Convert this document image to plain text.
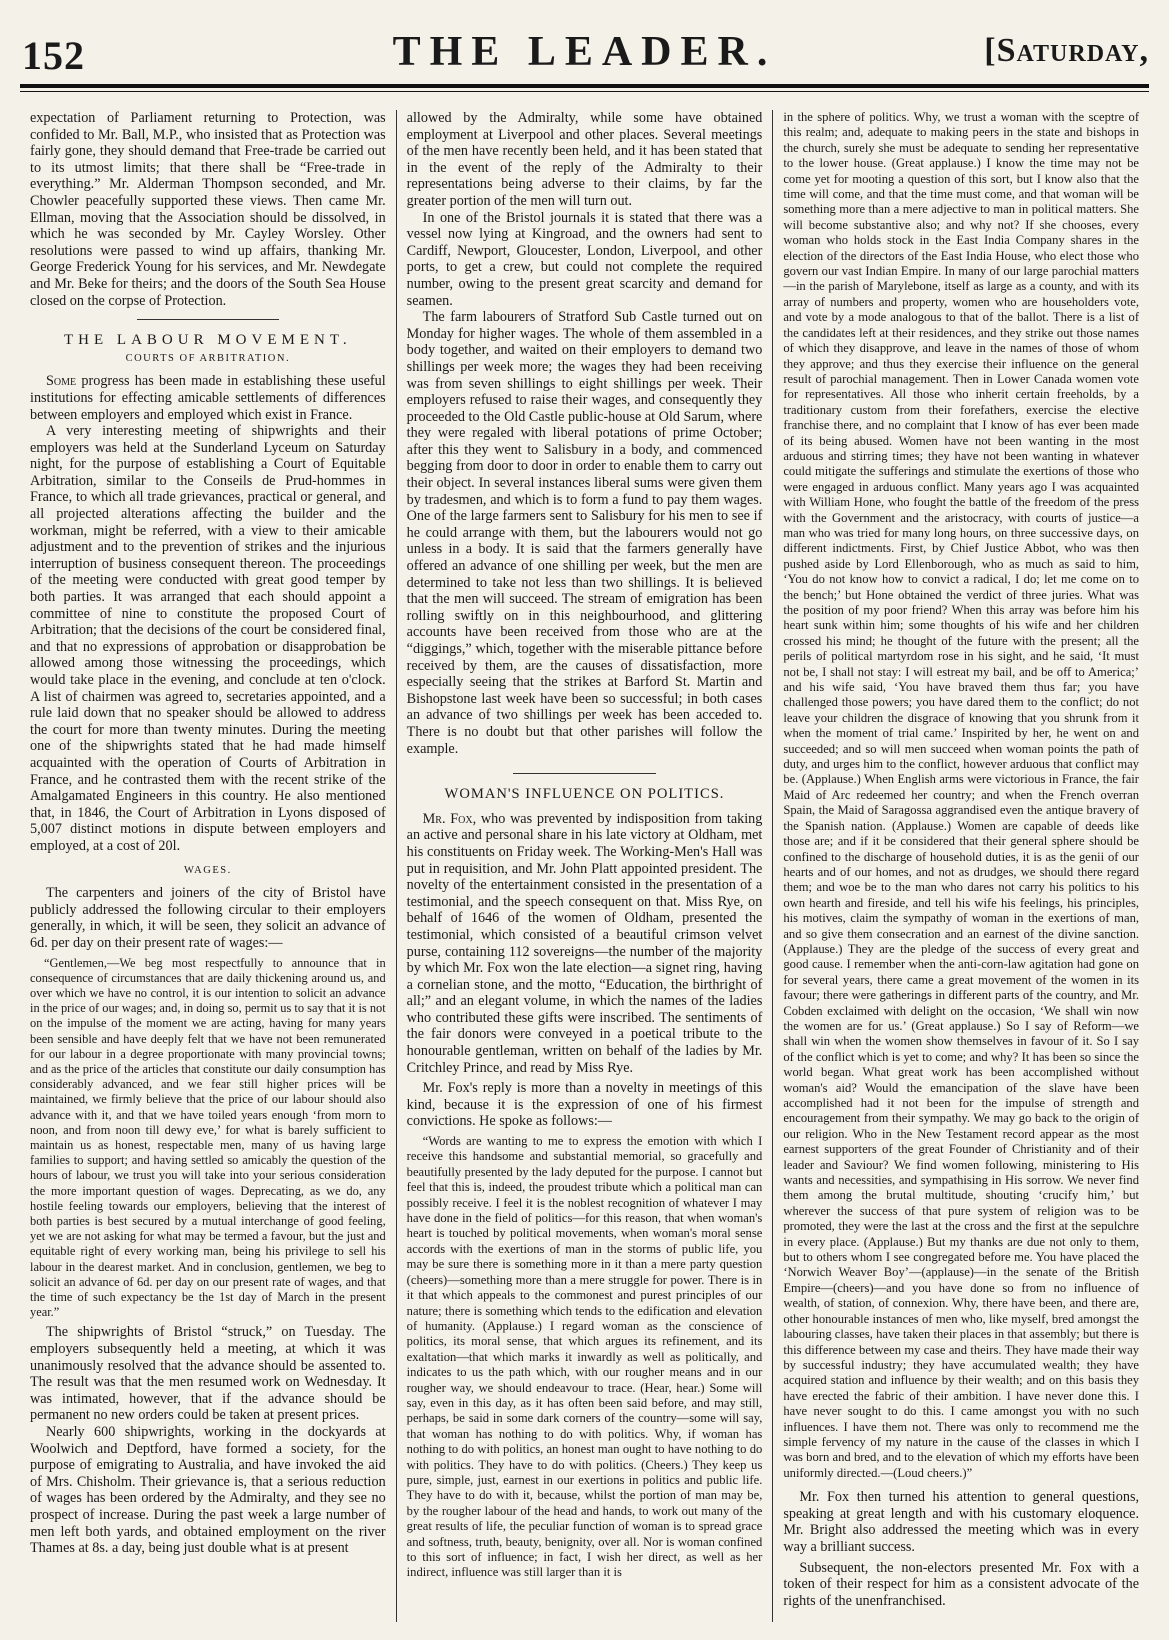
152	THE LEADER.	[Saturday,

expectation of Parliament returning to Protection, was confided to Mr. Ball, M.P., who insisted that as Protection was fairly gone, they should demand that Free-trade be carried out to its utmost limits; that there shall be “Free-trade in everything.” Mr. Alderman Thompson seconded, and Mr. Chowler peacefully supported these views. Then came Mr. Ellman, moving that the Association should be dissolved, in which he was seconded by Mr. Cayley Worsley. Other resolutions were passed to wind up affairs, thanking Mr. George Frederick Young for his services, and Mr. Newdegate and Mr. Beke for theirs; and the doors of the South Sea House closed on the corpse of Protection.

THE LABOUR MOVEMENT.
COURTS OF ARBITRATION.

Some progress has been made in establishing these useful institutions for effecting amicable settlements of differences between employers and employed which exist in France.

A very interesting meeting of shipwrights and their employers was held at the Sunderland Lyceum on Saturday night, for the purpose of establishing a Court of Equitable Arbitration, similar to the Conseils de Prud-hommes in France, to which all trade grievances, practical or general, and all projected alterations affecting the builder and the workman, might be referred, with a view to their amicable adjustment and to the prevention of strikes and the injurious interruption of business consequent thereon. The proceedings of the meeting were conducted with great good temper by both parties. It was arranged that each should appoint a committee of nine to constitute the proposed Court of Arbitration; that the decisions of the court be considered final, and that no expressions of approbation or disapprobation be allowed among those witnessing the proceedings, which would take place in the evening, and conclude at ten o'clock. A list of chairmen was agreed to, secretaries appointed, and a rule laid down that no speaker should be allowed to address the court for more than twenty minutes. During the meeting one of the shipwrights stated that he had made himself acquainted with the operation of Courts of Arbitration in France, and he contrasted them with the recent strike of the Amalgamated Engineers in this country. He also mentioned that, in 1846, the Court of Arbitration in Lyons disposed of 5,007 distinct motions in dispute between employers and employed, at a cost of 20l.

WAGES.

The carpenters and joiners of the city of Bristol have publicly addressed the following circular to their employers generally, in which, it will be seen, they solicit an advance of 6d. per day on their present rate of wages:—

“Gentlemen,—We beg most respectfully to announce that in consequence of circumstances that are daily thickening around us, and over which we have no control, it is our intention to solicit an advance in the price of our wages; and, in doing so, permit us to say that it is not on the impulse of the moment we are acting, having for many years been sensible and have deeply felt that we have not been remunerated for our labour in a degree proportionate with many provincial towns; and as the price of the articles that constitute our daily consumption has considerably advanced, and we fear still higher prices will be maintained, we firmly believe that the price of our labour should also advance with it, and that we have toiled years enough ‘from morn to noon, and from noon till dewy eve,’ for what is barely sufficient to maintain us as honest, respectable men, many of us having large families to support; and having settled so amicably the question of the hours of labour, we trust you will take into your serious consideration the more important question of wages. Deprecating, as we do, any hostile feeling towards our employers, believing that the interest of both parties is best secured by a mutual interchange of good feeling, yet we are not asking for what may be termed a favour, but the just and equitable right of every working man, being his privilege to sell his labour in the dearest market. And in conclusion, gentlemen, we beg to solicit an advance of 6d. per day on our present rate of wages, and that the time of such expectancy be the 1st day of March in the present year.”

The shipwrights of Bristol “struck,” on Tuesday. The employers subsequently held a meeting, at which it was unanimously resolved that the advance should be assented to. The result was that the men resumed work on Wednesday. It was intimated, however, that if the advance should be permanent no new orders could be taken at present prices.

Nearly 600 shipwrights, working in the dockyards at Woolwich and Deptford, have formed a society, for the purpose of emigrating to Australia, and have invoked the aid of Mrs. Chisholm. Their grievance is, that a serious reduction of wages has been ordered by the Admiralty, and they see no prospect of increase. During the past week a large number of men left both yards, and obtained employment on the river Thames at 8s. a day, being just double what is at present

allowed by the Admiralty, while some have obtained employment at Liverpool and other places. Several meetings of the men have recently been held, and it has been stated that in the event of the reply of the Admiralty to their representations being adverse to their claims, by far the greater portion of the men will turn out.

In one of the Bristol journals it is stated that there was a vessel now lying at Kingroad, and the owners had sent to Cardiff, Newport, Gloucester, London, Liverpool, and other ports, to get a crew, but could not complete the required number, owing to the present great scarcity and demand for seamen.

The farm labourers of Stratford Sub Castle turned out on Monday for higher wages. The whole of them assembled in a body together, and waited on their employers to demand two shillings per week more; the wages they had been receiving was from seven shillings to eight shillings per week. Their employers refused to raise their wages, and consequently they proceeded to the Old Castle public-house at Old Sarum, where they were regaled with liberal potations of prime October; after this they went to Salisbury in a body, and commenced begging from door to door in order to enable them to carry out their object. In several instances liberal sums were given them by tradesmen, and which is to form a fund to pay them wages. One of the large farmers sent to Salisbury for his men to see if he could arrange with them, but the labourers would not go unless in a body. It is said that the farmers generally have offered an advance of one shilling per week, but the men are determined to take not less than two shillings. It is believed that the men will succeed. The stream of emigration has been rolling swiftly on in this neighbourhood, and glittering accounts have been received from those who are at the “diggings,” which, together with the miserable pittance before received by them, are the causes of dissatisfaction, more especially seeing that the strikes at Barford St. Martin and Bishopstone last week have been so successful; in both cases an advance of two shillings per week has been acceded to. There is no doubt but that other parishes will follow the example.

WOMAN'S INFLUENCE ON POLITICS.

Mr. Fox, who was prevented by indisposition from taking an active and personal share in his late victory at Oldham, met his constituents on Friday week. The Working-Men's Hall was put in requisition, and Mr. John Platt appointed president. The novelty of the entertainment consisted in the presentation of a testimonial, and the speech consequent on that. Miss Rye, on behalf of 1646 of the women of Oldham, presented the testimonial, which consisted of a beautiful crimson velvet purse, containing 112 sovereigns—the number of the majority by which Mr. Fox won the late election—a signet ring, having a cornelian stone, and the motto, “Education, the birthright of all;” and an elegant volume, in which the names of the ladies who contributed these gifts were inscribed. The sentiments of the fair donors were conveyed in a poetical tribute to the honourable gentleman, written on behalf of the ladies by Mr. Critchley Prince, and read by Miss Rye.

Mr. Fox's reply is more than a novelty in meetings of this kind, because it is the expression of one of his firmest convictions. He spoke as follows:—

“Words are wanting to me to express the emotion with which I receive this handsome and substantial memorial, so gracefully and beautifully presented by the lady deputed for the purpose. I cannot but feel that this is, indeed, the proudest tribute which a political man can possibly receive. I feel it is the noblest recognition of whatever I may have done in the field of politics—for this reason, that when woman's heart is touched by political movements, when woman's moral sense accords with the exertions of man in the storms of public life, you may be sure there is something more in it than a mere party question (cheers)—something more than a mere struggle for power. There is in it that which appeals to the commonest and purest principles of our nature; there is something which tends to the edification and elevation of humanity. (Applause.) I regard woman as the conscience of politics, its moral sense, that which argues its refinement, and its exaltation—that which marks it inwardly as well as politically, and indicates to us the path which, with our rougher means and in our rougher way, we should endeavour to trace. (Hear, hear.) Some will say, even in this day, as it has often been said before, and may still, perhaps, be said in some dark corners of the country—some will say, that woman has nothing to do with politics. Why, if woman has nothing to do with politics, an honest man ought to have nothing to do with politics. They have to do with politics. (Cheers.) They keep us pure, simple, just, earnest in our exertions in politics and public life. They have to do with it, because, whilst the portion of man may be, by the rougher labour of the head and hands, to work out many of the great results of life, the peculiar function of woman is to spread grace and softness, truth, beauty, benignity, over all. Nor is woman confined to this sort of influence; in fact, I wish her direct, as well as her indirect, influence was still larger than it is

in the sphere of politics. Why, we trust a woman with the sceptre of this realm; and, adequate to making peers in the state and bishops in the church, surely she must be adequate to sending her representative to the lower house. (Great applause.) I know the time may not be come yet for mooting a question of this sort, but I know also that the time will come, and that the time must come, and that woman will be something more than a mere adjective to man in political matters. She will become substantive also; and why not? If she chooses, every woman who holds stock in the East India Company shares in the election of the directors of the East India House, who elect those who govern our vast Indian Empire. In many of our large parochial matters—in the parish of Marylebone, itself as large as a county, and with its array of numbers and property, women who are householders vote, and vote by a mode analogous to that of the ballot. There is a list of the candidates left at their residences, and they strike out those names of which they disapprove, and leave in the names of those of whom they approve; and thus they exercise their influence on the general result of parochial management. Then in Lower Canada women vote for representatives. All those who inherit certain freeholds, by a traditionary custom from their forefathers, exercise the elective franchise there, and no complaint that I know of has ever been made of its being abused. Women have not been wanting in the most arduous and stirring times; they have not been wanting in whatever could mitigate the sufferings and stimulate the exertions of those who were engaged in arduous conflict. Many years ago I was acquainted with William Hone, who fought the battle of the freedom of the press with the Government and the aristocracy, with courts of justice—a man who was tried for many long hours, on three successive days, on different indictments. First, by Chief Justice Abbot, who was then pushed aside by Lord Ellenborough, who as much as said to him, ‘You do not know how to convict a radical, I do; let me come on to the bench;’ but Hone obtained the verdict of three juries. What was the position of my poor friend? When this array was before him his heart sunk within him; some thoughts of his wife and her children crossed his mind; he thought of the future with the present; all the perils of political martyrdom rose in his sight, and he said, ‘It must not be, I shall not stay: I will estreat my bail, and be off to America;’ and his wife said, ‘You have braved them thus far; you have challenged those powers; you have dared them to the conflict; do not leave your children the disgrace of knowing that you shrunk from it when the moment of trial came.’ Inspirited by her, he went on and succeeded; and so will men succeed when woman points the path of duty, and urges him to the conflict, however arduous that conflict may be. (Applause.) When English arms were victorious in France, the fair Maid of Arc redeemed her country; and when the French overran Spain, the Maid of Saragossa aggrandised even the antique bravery of the Spanish nation. (Applause.) Women are capable of deeds like those are; and if it be considered that their general sphere should be confined to the discharge of household duties, it is as the genii of our hearts and of our homes, and not as drudges, we should there regard them; and woe be to the man who dares not carry his politics to his own hearth and fireside, and tell his wife his feelings, his principles, his motives, claim the sympathy of woman in the exertions of man, and so give them consecration and an earnest of the divine sanction. (Applause.) They are the pledge of the success of every great and good cause. I remember when the anti-corn-law agitation had gone on for several years, there came a great movement of the women in its favour; there were gatherings in different parts of the country, and Mr. Cobden exclaimed with delight on the occasion, ‘We shall win now the women are for us.’ (Great applause.) So I say of Reform—we shall win when the women show themselves in favour of it. So I say of the conflict which is yet to come; and why? It has been so since the world began. What great work has been accomplished without woman's aid? Would the emancipation of the slave have been accomplished had it not been for the impulse of strength and encouragement from their sympathy. We may go back to the origin of our religion. Who in the New Testament record appear as the most earnest supporters of the great Founder of Christianity and of their leader and Saviour? We find women following, ministering to His wants and necessities, and sympathising in His sorrow. We never find them among the brutal multitude, shouting ‘crucify him,’ but wherever the success of that pure system of religion was to be promoted, they were the last at the cross and the first at the sepulchre in every place. (Applause.) But my thanks are due not only to them, but to others whom I see congregated before me. You have placed the ‘Norwich Weaver Boy’—(applause)—in the senate of the British Empire—(cheers)—and you have done so from no influence of wealth, of station, of connexion. Why, there have been, and there are, other honourable instances of men who, like myself, bred amongst the labouring classes, have taken their places in that assembly; but there is this difference between my case and theirs. They have made their way by successful industry; they have accumulated wealth; they have acquired station and influence by their wealth; and on this basis they have erected the fabric of their ambition. I have never done this. I have never sought to do this. I came amongst you with no such influences. I have them not. There was only to recommend me the simple fervency of my nature in the cause of the classes in which I was born and bred, and to the elevation of which my efforts have been uniformly directed.—(Loud cheers.)”

Mr. Fox then turned his attention to general questions, speaking at great length and with his customary eloquence. Mr. Bright also addressed the meeting which was in every way a brilliant success.

Subsequent, the non-electors presented Mr. Fox with a token of their respect for him as a consistent advocate of the rights of the unenfranchised.
